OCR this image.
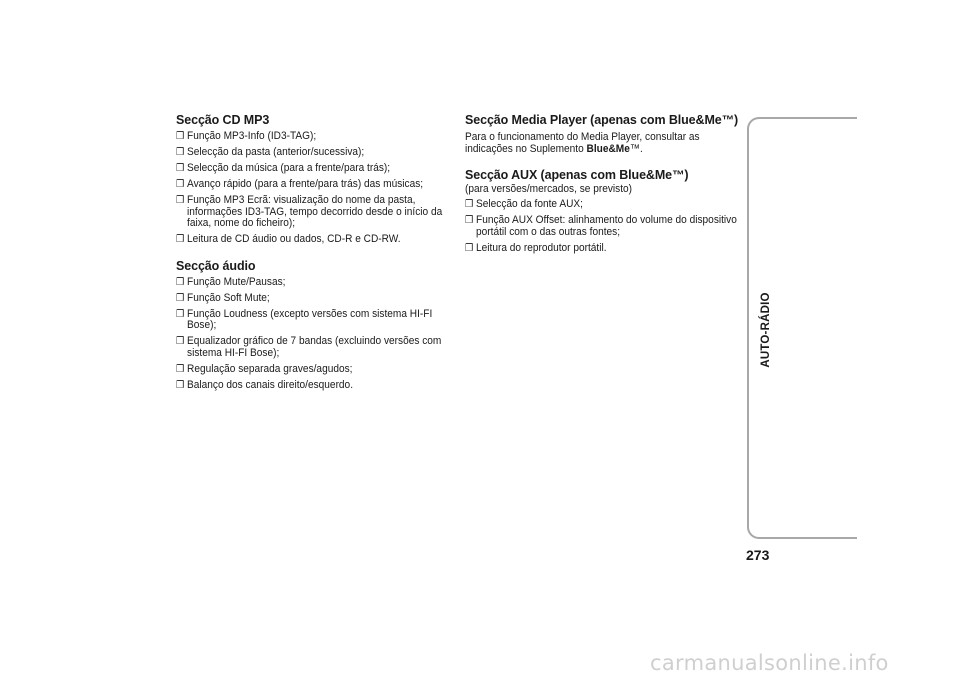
Secção CD MP3
❒ Função MP3-Info (ID3-TAG);
❒ Selecção da pasta (anterior/sucessiva);
❒ Selecção da música (para a frente/para trás);
❒ Avanço rápido (para a frente/para trás) das músicas;
❒ Função MP3 Ecrã: visualização do nome da pasta, informações ID3-TAG, tempo decorrido desde o início da faixa, nome do ficheiro);
❒ Leitura de CD áudio ou dados, CD-R e CD-RW.
Secção áudio
❒ Função Mute/Pausas;
❒ Função Soft Mute;
❒ Função Loudness (excepto versões com sistema HI-FI Bose);
❒ Equalizador gráfico de 7 bandas (excluindo versões com sistema HI-FI Bose);
❒ Regulação separada graves/agudos;
❒ Balanço dos canais direito/esquerdo.
Secção Media Player (apenas com Blue&Me™)
Para o funcionamento do Media Player, consultar as indicações no Suplemento Blue&Me™.
Secção AUX (apenas com Blue&Me™)
(para versões/mercados, se previsto)
❒ Selecção da fonte AUX;
❒ Função AUX Offset: alinhamento do volume do dispositivo portátil com o das outras fontes;
❒ Leitura do reprodutor portátil.
AUTO-RÁDIO
273
carmanualsonline.info
